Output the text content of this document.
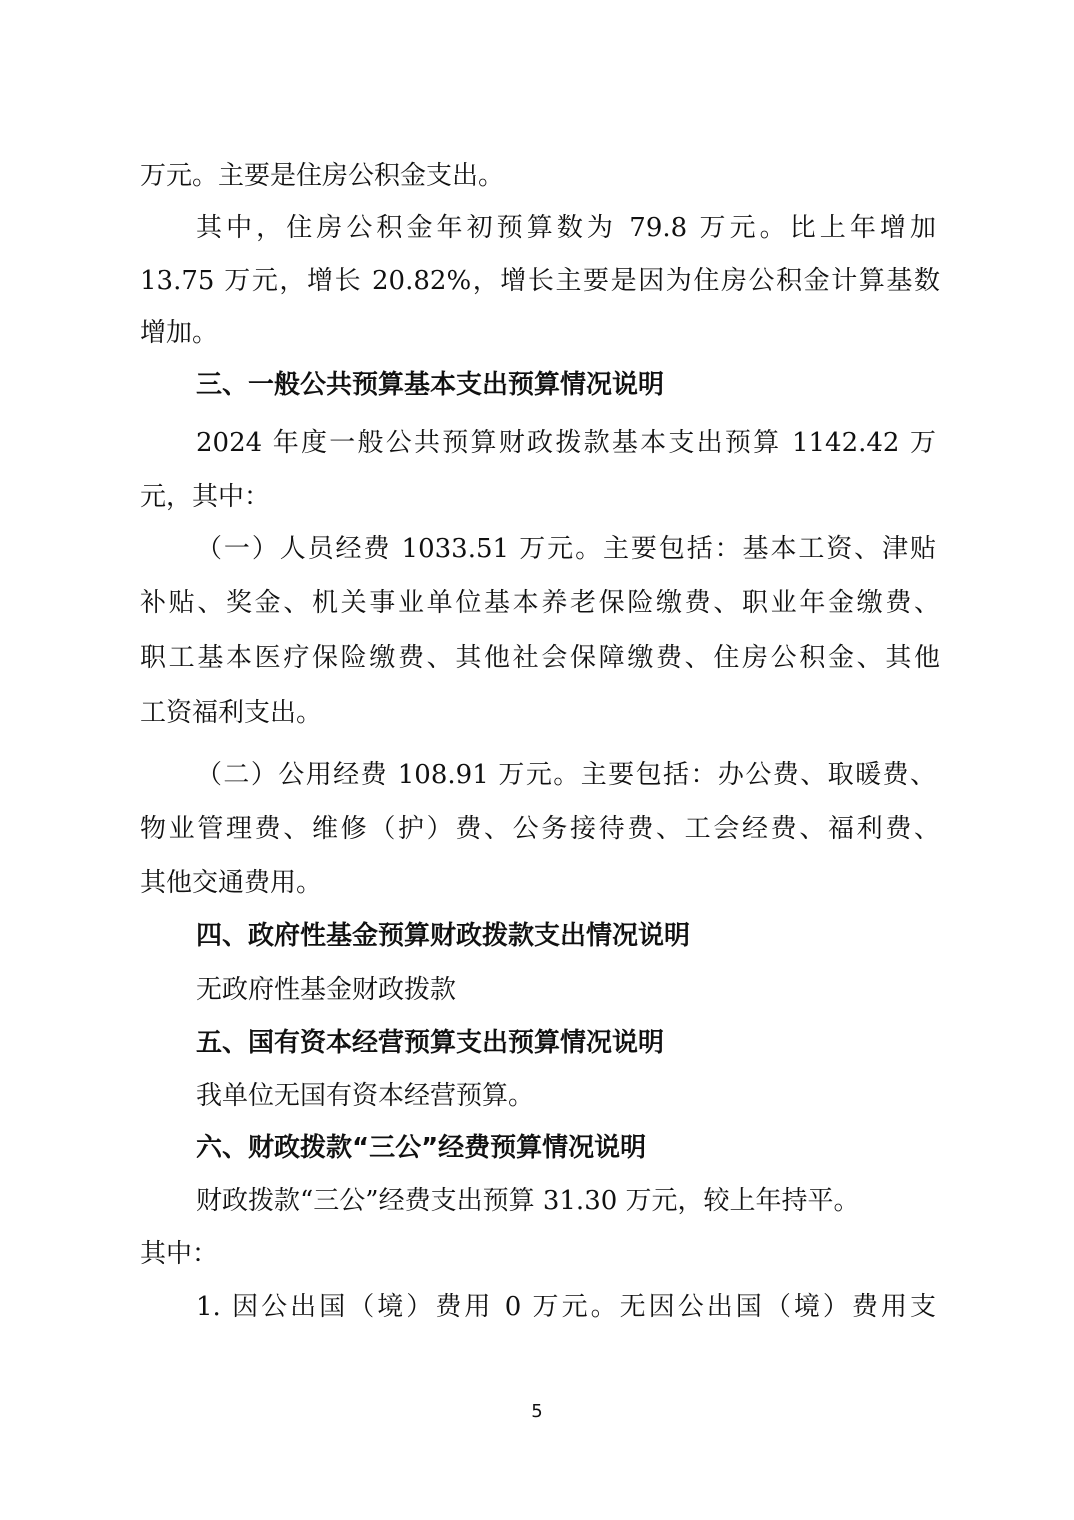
万元。主要是住房公积金支出。
其中，住房公积金年初预算数为 79.8 万元。比上年增加
13.75 万元，增长 20.82%，增长主要是因为住房公积金计算基数
增加。
三、一般公共预算基本支出预算情况说明
2024 年度一般公共预算财政拨款基本支出预算 1142.42 万
元，其中：
（一）人员经费 1033.51 万元。主要包括：基本工资、津贴
补贴、奖金、机关事业单位基本养老保险缴费、职业年金缴费、
职工基本医疗保险缴费、其他社会保障缴费、住房公积金、其他
工资福利支出。
（二）公用经费 108.91 万元。主要包括：办公费、取暖费、
物业管理费、维修（护）费、公务接待费、工会经费、福利费、
其他交通费用。
四、政府性基金预算财政拨款支出情况说明
无政府性基金财政拨款
五、国有资本经营预算支出预算情况说明
我单位无国有资本经营预算。
六、财政拨款“三公”经费预算情况说明
财政拨款“三公”经费支出预算 31.30 万元，较上年持平。
其中：
1. 因公出国（境）费用 0 万元。无因公出国（境）费用支
5
